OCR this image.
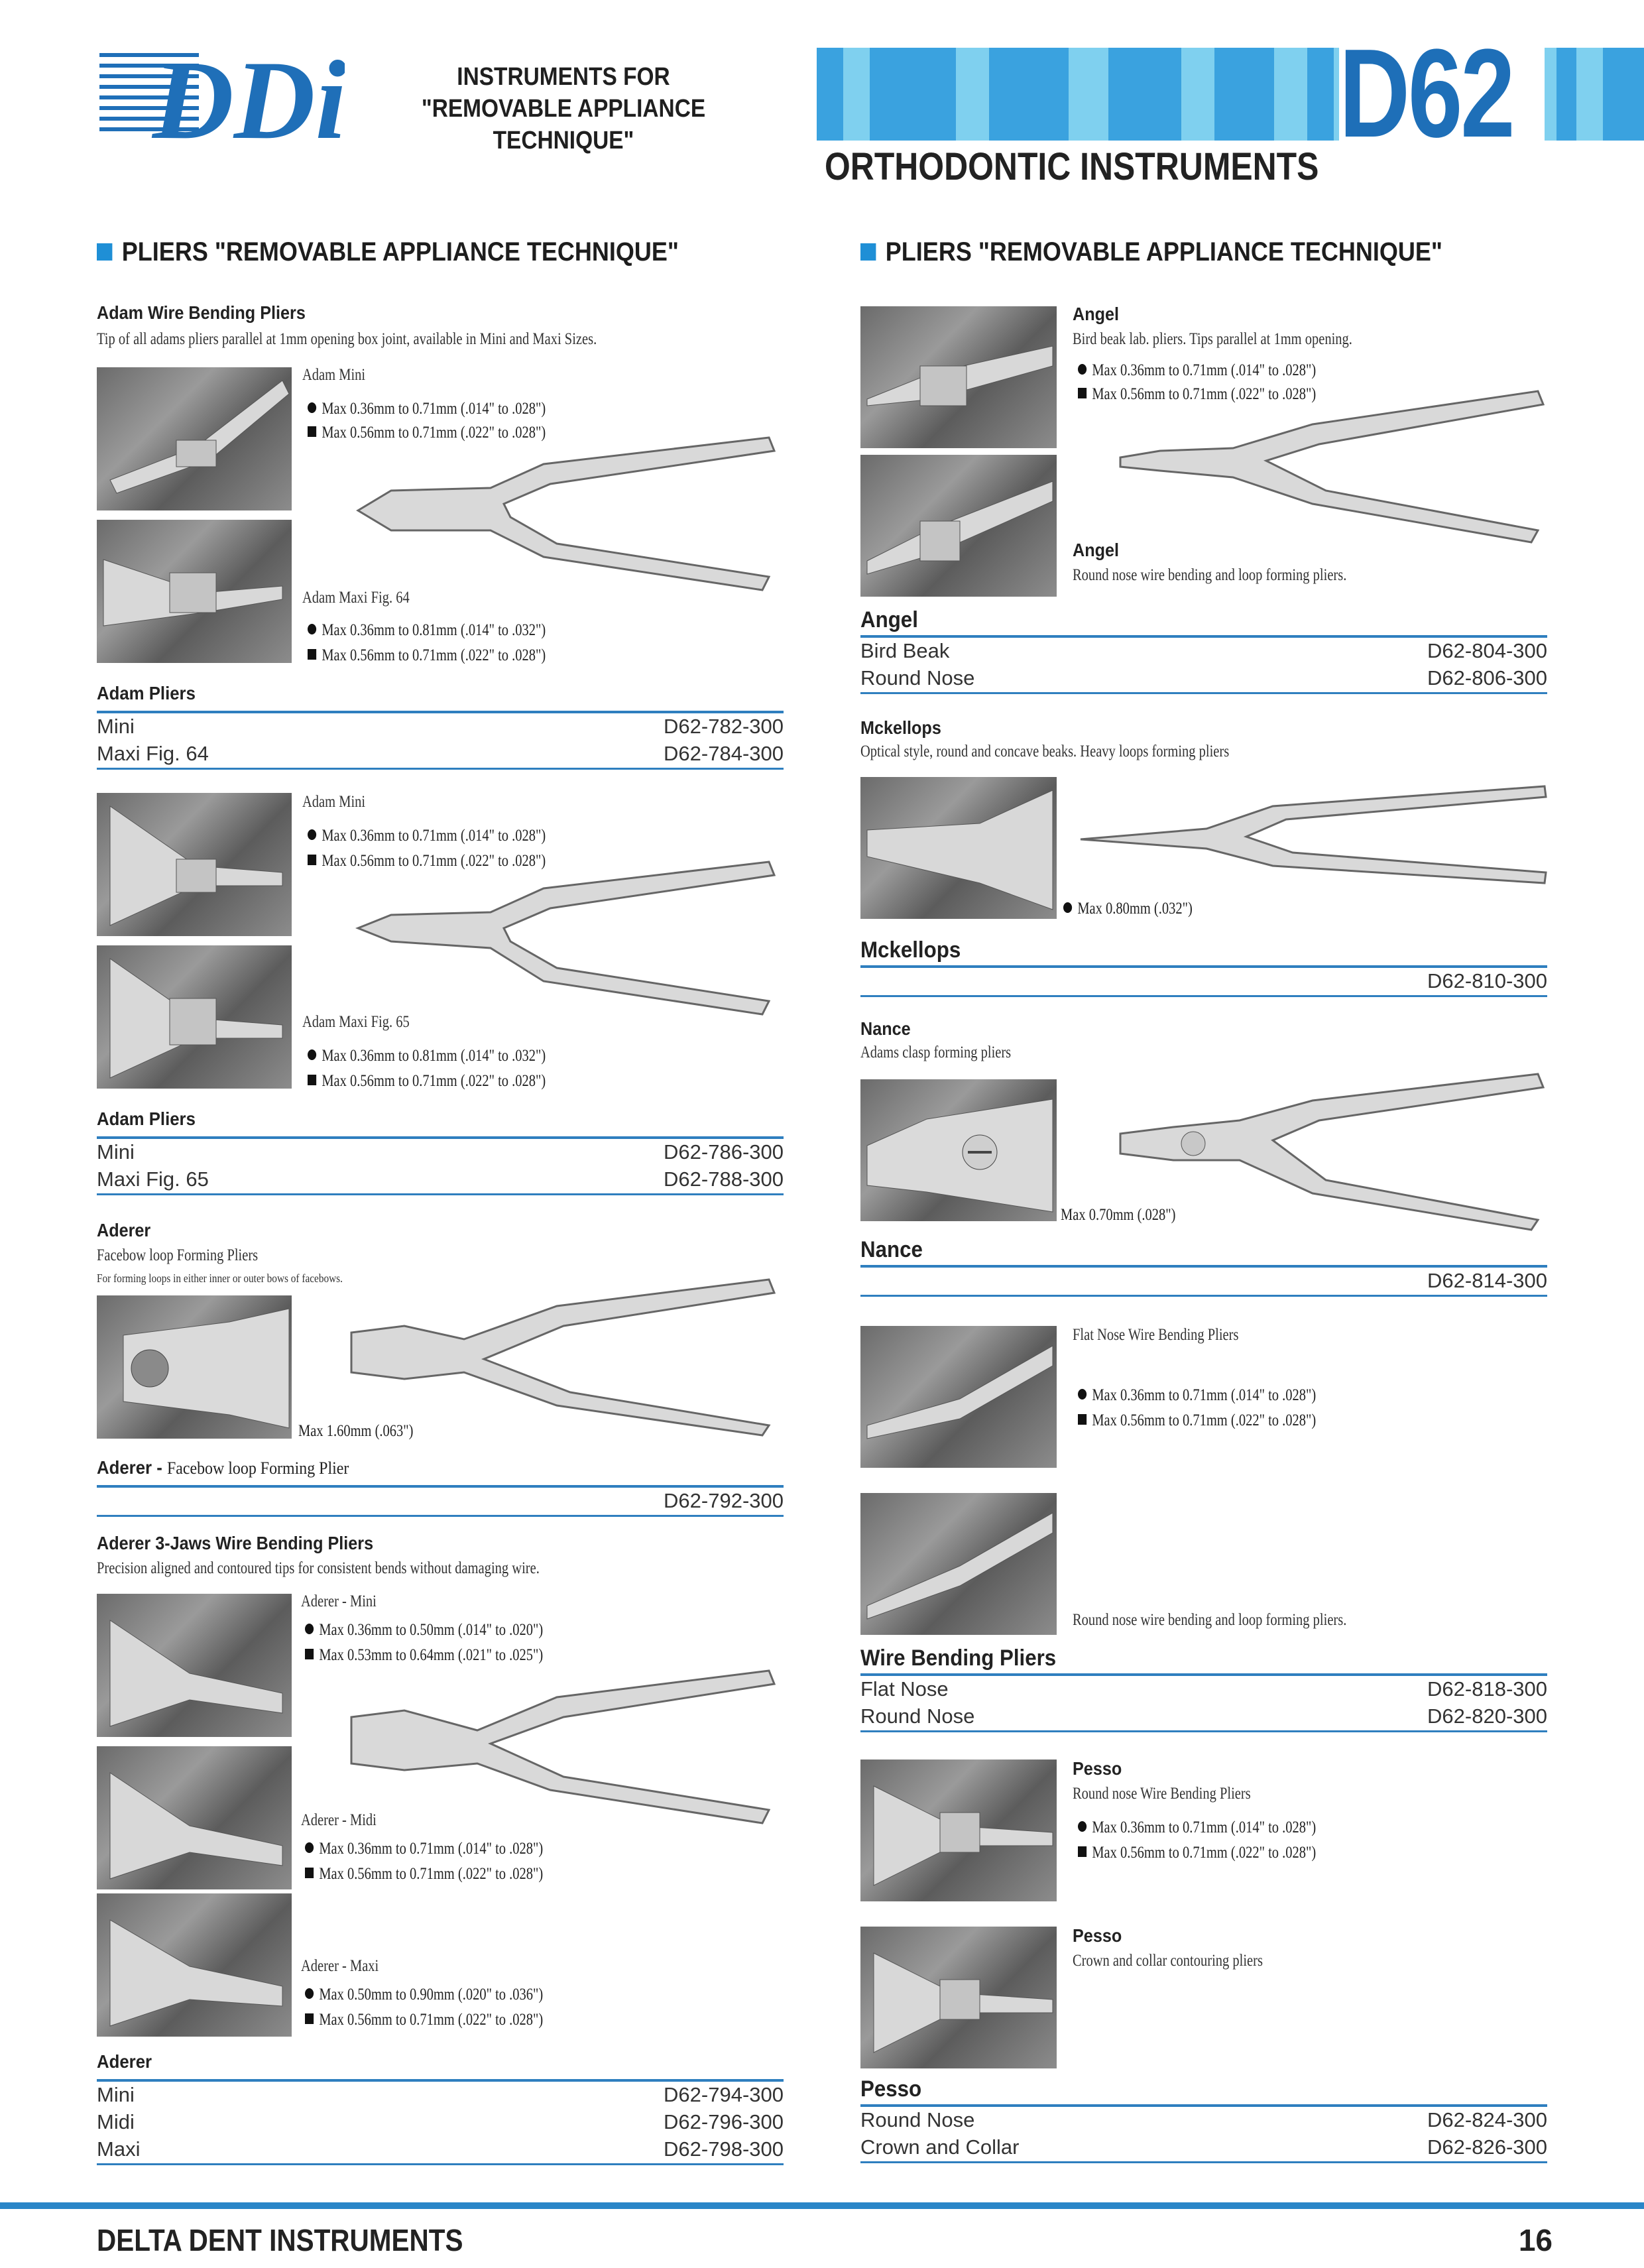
DDi	INSTRUMENTS FOR
"REMOVABLE APPLIANCE TECHNIQUE"	D62
ORTHODONTIC INSTRUMENTS
PLIERS "REMOVABLE APPLIANCE TECHNIQUE"
Adam Wire Bending Pliers
Tip of all adams pliers parallel at 1mm opening box joint, available in Mini and Maxi Sizes.
Adam Mini
Max 0.36mm to 0.71mm (.014" to .028")
Max 0.56mm to 0.71mm (.022" to .028")
Adam Maxi Fig. 64
Max 0.36mm to 0.81mm (.014" to .032")
Max 0.56mm to 0.71mm (.022" to .028")
Adam Pliers
Mini	D62-782-300
Maxi Fig. 64	D62-784-300
Adam Mini
Max 0.36mm to 0.71mm (.014" to .028")
Max 0.56mm to 0.71mm (.022" to .028")
Adam Maxi Fig. 65
Max 0.36mm to 0.81mm (.014" to .032")
Max 0.56mm to 0.71mm (.022" to .028")
Adam Pliers
Mini	D62-786-300
Maxi Fig. 65	D62-788-300
Aderer
Facebow loop Forming Pliers
For forming loops in either inner or outer bows of facebows.
Max 1.60mm (.063")
Aderer - Facebow loop Forming Plier
D62-792-300
Aderer 3-Jaws Wire Bending Pliers
Precision aligned and contoured tips for consistent bends without damaging wire.
Aderer - Mini
Max 0.36mm to 0.50mm (.014" to .020")
Max 0.53mm to 0.64mm (.021" to .025")
Aderer - Midi
Max 0.36mm to 0.71mm (.014" to .028")
Max 0.56mm to 0.71mm (.022" to .028")
Aderer - Maxi
Max 0.50mm to 0.90mm (.020" to .036")
Max 0.56mm to 0.71mm (.022" to .028")
Aderer
Mini	D62-794-300
Midi	D62-796-300
Maxi	D62-798-300
PLIERS "REMOVABLE APPLIANCE TECHNIQUE"
Angel
Bird beak lab. pliers. Tips parallel at 1mm opening.
Max 0.36mm to 0.71mm (.014" to .028")
Max 0.56mm to 0.71mm (.022" to .028")
Angel
Round nose wire bending and loop forming pliers.
Angel
Bird Beak	D62-804-300
Round Nose	D62-806-300
Mckellops
Optical style, round and concave beaks. Heavy loops forming pliers
Max 0.80mm (.032")
Mckellops
D62-810-300
Nance
Adams clasp forming pliers
Max 0.70mm (.028")
Nance
D62-814-300
Flat Nose Wire Bending Pliers
Max 0.36mm to 0.71mm (.014" to .028")
Max 0.56mm to 0.71mm (.022" to .028")
Round nose wire bending and loop forming pliers.
Wire Bending Pliers
Flat Nose	D62-818-300
Round Nose	D62-820-300
Pesso
Round nose Wire Bending Pliers
Max 0.36mm to 0.71mm (.014" to .028")
Max 0.56mm to 0.71mm (.022" to .028")
Pesso
Crown and collar contouring pliers
Pesso
Round Nose	D62-824-300
Crown and Collar	D62-826-300
DELTA DENT INSTRUMENTS	16
